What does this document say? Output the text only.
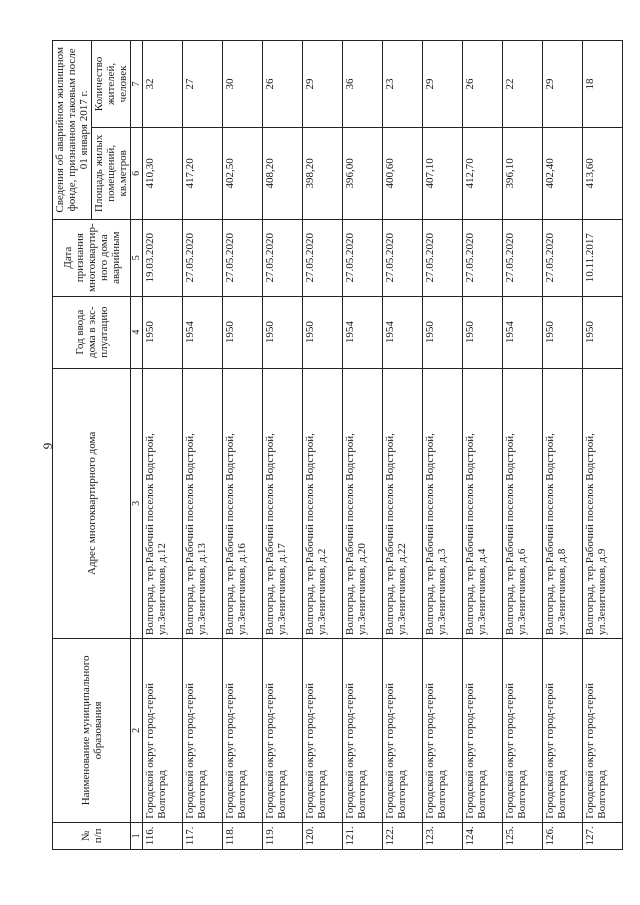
9
№ п/п	Наименование муниципального образования	Адрес многоквартирного дома	Год ввода дома в экс-плуатацию	Дата признания многоквартир-ного дома аварийным	Сведения об аварийном жилищном фонде, признанном таковым после 01 января 2017 г.	
					Площадь жилых помещений, кв.метров	Количество жителей, человек
1	2	3	4	5	6	7
116.	Городской округ город-герой Волгоград	Волгоград, тер.Рабочий поселок Водстрой, ул.Зенитчиков, д.12	1950	19.03.2020	410,30	32
117.	Городской округ город-герой Волгоград	Волгоград, тер.Рабочий поселок Водстрой, ул.Зенитчиков, д.13	1954	27.05.2020	417,20	27
118.	Городской округ город-герой Волгоград	Волгоград, тер.Рабочий поселок Водстрой, ул.Зенитчиков, д.16	1950	27.05.2020	402,50	30
119.	Городской округ город-герой Волгоград	Волгоград, тер.Рабочий поселок Водстрой, ул.Зенитчиков, д.17	1950	27.05.2020	408,20	26
120.	Городской округ город-герой Волгоград	Волгоград, тер.Рабочий поселок Водстрой, ул.Зенитчиков, д.2	1950	27.05.2020	398,20	29
121.	Городской округ город-герой Волгоград	Волгоград, тер.Рабочий поселок Водстрой, ул.Зенитчиков, д.20	1954	27.05.2020	396,00	36
122.	Городской округ город-герой Волгоград	Волгоград, тер.Рабочий поселок Водстрой, ул.Зенитчиков, д.22	1954	27.05.2020	400,60	23
123.	Городской округ город-герой Волгоград	Волгоград, тер.Рабочий поселок Водстрой, ул.Зенитчиков, д.3	1950	27.05.2020	407,10	29
124.	Городской округ город-герой Волгоград	Волгоград, тер.Рабочий поселок Водстрой, ул.Зенитчиков, д.4	1950	27.05.2020	412,70	26
125.	Городской округ город-герой Волгоград	Волгоград, тер.Рабочий поселок Водстрой, ул.Зенитчиков, д.6	1954	27.05.2020	396,10	22
126.	Городской округ город-герой Волгоград	Волгоград, тер.Рабочий поселок Водстрой, ул.Зенитчиков, д.8	1950	27.05.2020	402,40	29
127.	Городской округ город-герой Волгоград	Волгоград, тер.Рабочий поселок Водстрой, ул.Зенитчиков, д.9	1950	10.11.2017	413,60	18
